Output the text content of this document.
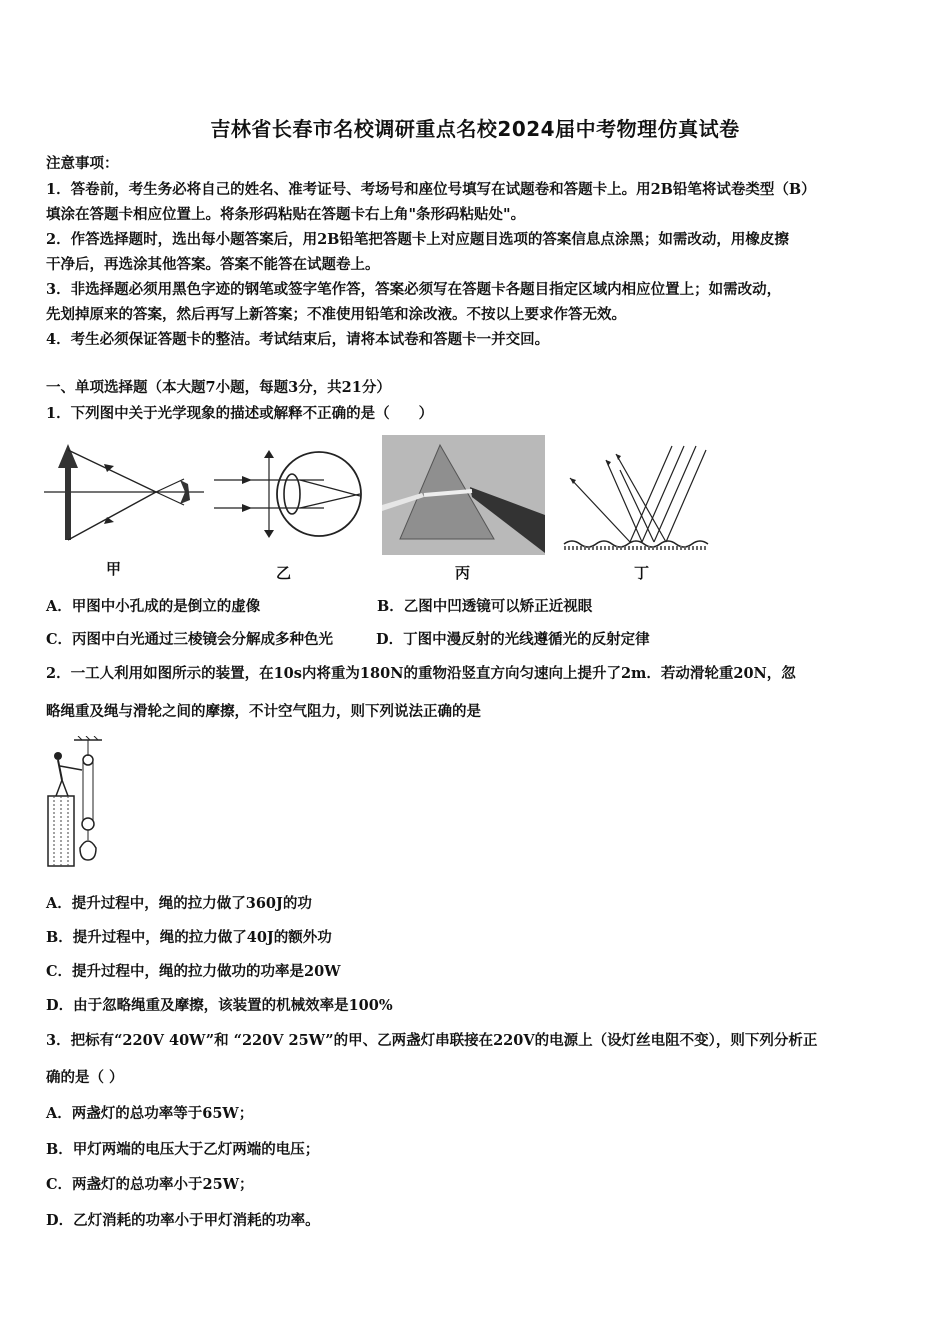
吉林省长春市名校调研重点名校2024届中考物理仿真试卷
注意事项：
1．答卷前，考生务必将自己的姓名、准考证号、考场号和座位号填写在试题卷和答题卡上。用2B铅笔将试卷类型（B）
填涂在答题卡相应位置上。将条形码粘贴在答题卡右上角"条形码粘贴处"。
2．作答选择题时，选出每小题答案后，用2B铅笔把答题卡上对应题目选项的答案信息点涂黑；如需改动，用橡皮擦
干净后，再选涂其他答案。答案不能答在试题卷上。
3．非选择题必须用黑色字迹的钢笔或签字笔作答，答案必须写在答题卡各题目指定区域内相应位置上；如需改动，
先划掉原来的答案，然后再写上新答案；不准使用铅笔和涂改液。不按以上要求作答无效。
4．考生必须保证答题卡的整洁。考试结束后，请将本试卷和答题卡一并交回。
一、单项选择题（本大题7小题，每题3分，共21分）
1．下列图中关于光学现象的描述或解释不正确的是（　　）
甲	乙	丙	丁
A．甲图中小孔成的是倒立的虚像	B．乙图中凹透镜可以矫正近视眼
C．丙图中白光通过三棱镜会分解成多种色光	D．丁图中漫反射的光线遵循光的反射定律
2．一工人利用如图所示的装置，在10s内将重为180N的重物沿竖直方向匀速向上提升了2m．若动滑轮重20N，忽
略绳重及绳与滑轮之间的摩擦，不计空气阻力，则下列说法正确的是
A．提升过程中，绳的拉力做了360J的功
B．提升过程中，绳的拉力做了40J的额外功
C．提升过程中，绳的拉力做功的功率是20W
D．由于忽略绳重及摩擦，该装置的机械效率是100%
3．把标有“220V 40W”和 “220V 25W”的甲、乙两盏灯串联接在220V的电源上（设灯丝电阻不变），则下列分析正
确的是（ ）
A．两盏灯的总功率等于65W；
B．甲灯两端的电压大于乙灯两端的电压；
C．两盏灯的总功率小于25W；
D．乙灯消耗的功率小于甲灯消耗的功率。
